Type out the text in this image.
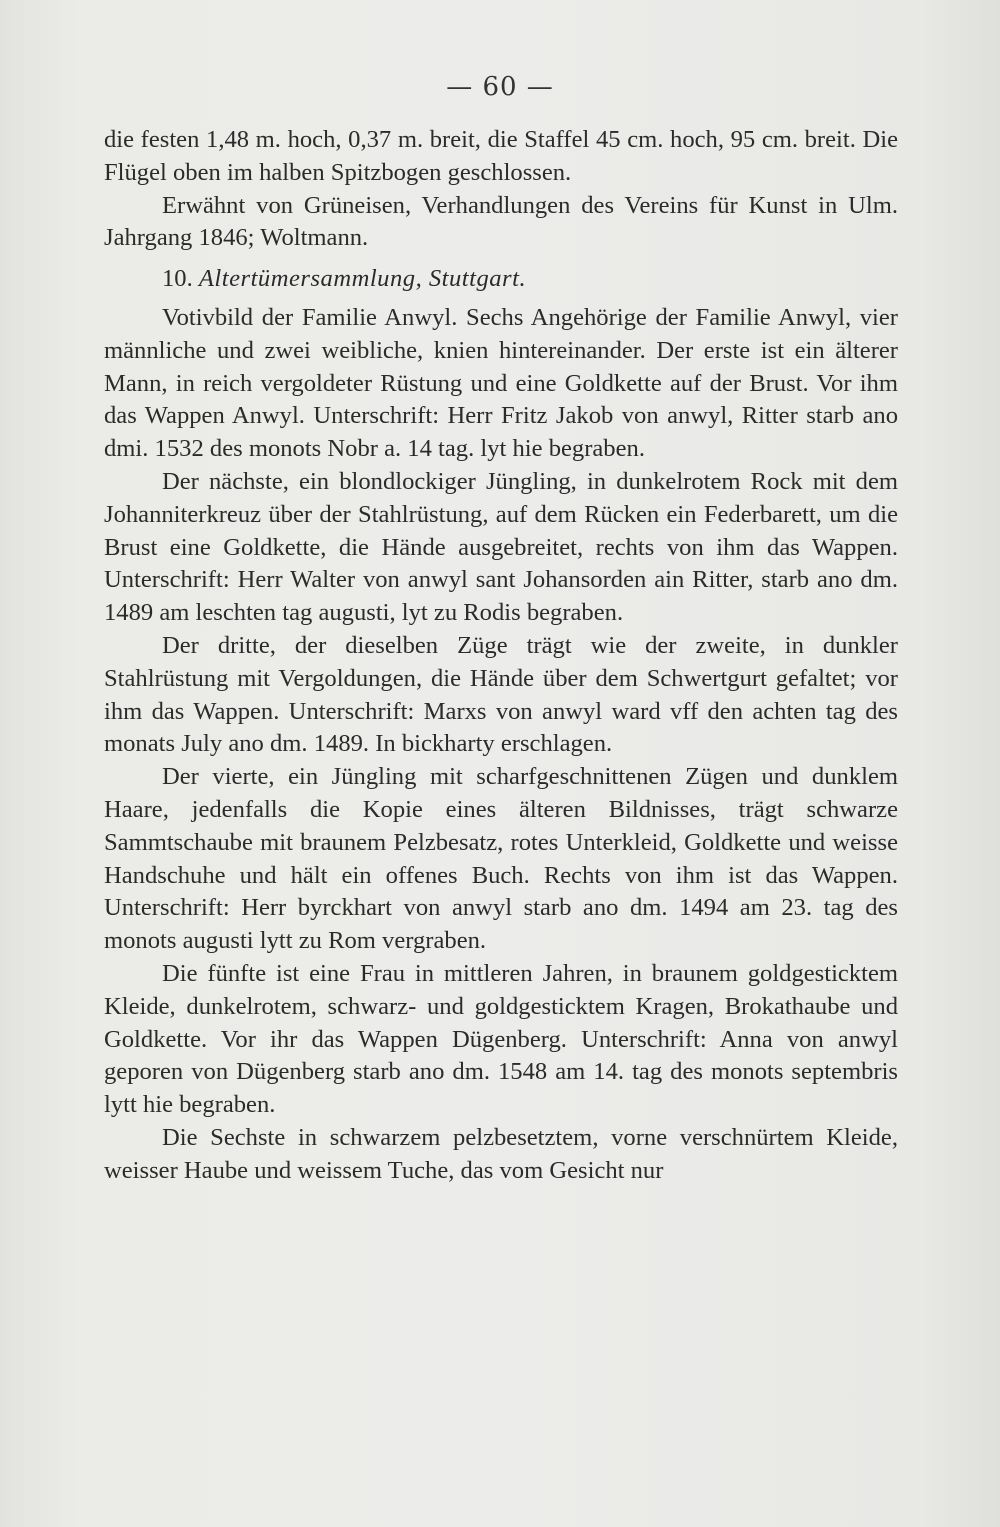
— 60 —

die festen 1,48 m. hoch, 0,37 m. breit, die Staffel 45 cm. hoch, 95 cm. breit. Die Flügel oben im halben Spitzbogen geschlossen.

Erwähnt von Grüneisen, Verhandlungen des Vereins für Kunst in Ulm. Jahrgang 1846; Woltmann.

10. Altertümersammlung, Stuttgart.

Votivbild der Familie Anwyl. Sechs Angehörige der Familie Anwyl, vier männliche und zwei weibliche, knien hintereinander. Der erste ist ein älterer Mann, in reich vergoldeter Rüstung und eine Goldkette auf der Brust. Vor ihm das Wappen Anwyl. Unterschrift: Herr Fritz Jakob von anwyl, Ritter starb ano dmi. 1532 des monots Nobr a. 14 tag. lyt hie begraben.

Der nächste, ein blondlockiger Jüngling, in dunkelrotem Rock mit dem Johanniterkreuz über der Stahlrüstung, auf dem Rücken ein Federbarett, um die Brust eine Goldkette, die Hände ausgebreitet, rechts von ihm das Wappen. Unterschrift: Herr Walter von anwyl sant Johansorden ain Ritter, starb ano dm. 1489 am leschten tag augusti, lyt zu Rodis begraben.

Der dritte, der dieselben Züge trägt wie der zweite, in dunkler Stahlrüstung mit Vergoldungen, die Hände über dem Schwertgurt gefaltet; vor ihm das Wappen. Unterschrift: Marxs von anwyl ward vff den achten tag des monats July ano dm. 1489. In bickharty erschlagen.

Der vierte, ein Jüngling mit scharfgeschnittenen Zügen und dunklem Haare, jedenfalls die Kopie eines älteren Bildnisses, trägt schwarze Sammtschaube mit braunem Pelzbesatz, rotes Unterkleid, Goldkette und weisse Handschuhe und hält ein offenes Buch. Rechts von ihm ist das Wappen. Unterschrift: Herr byrckhart von anwyl starb ano dm. 1494 am 23. tag des monots augusti lytt zu Rom vergraben.

Die fünfte ist eine Frau in mittleren Jahren, in braunem goldgesticktem Kleide, dunkelrotem, schwarz- und goldgesticktem Kragen, Brokathaube und Goldkette. Vor ihr das Wappen Dügenberg. Unterschrift: Anna von anwyl geporen von Dügenberg starb ano dm. 1548 am 14. tag des monots septembris lytt hie begraben.

Die Sechste in schwarzem pelzbesetztem, vorne verschnürtem Kleide, weisser Haube und weissem Tuche, das vom Gesicht nur
